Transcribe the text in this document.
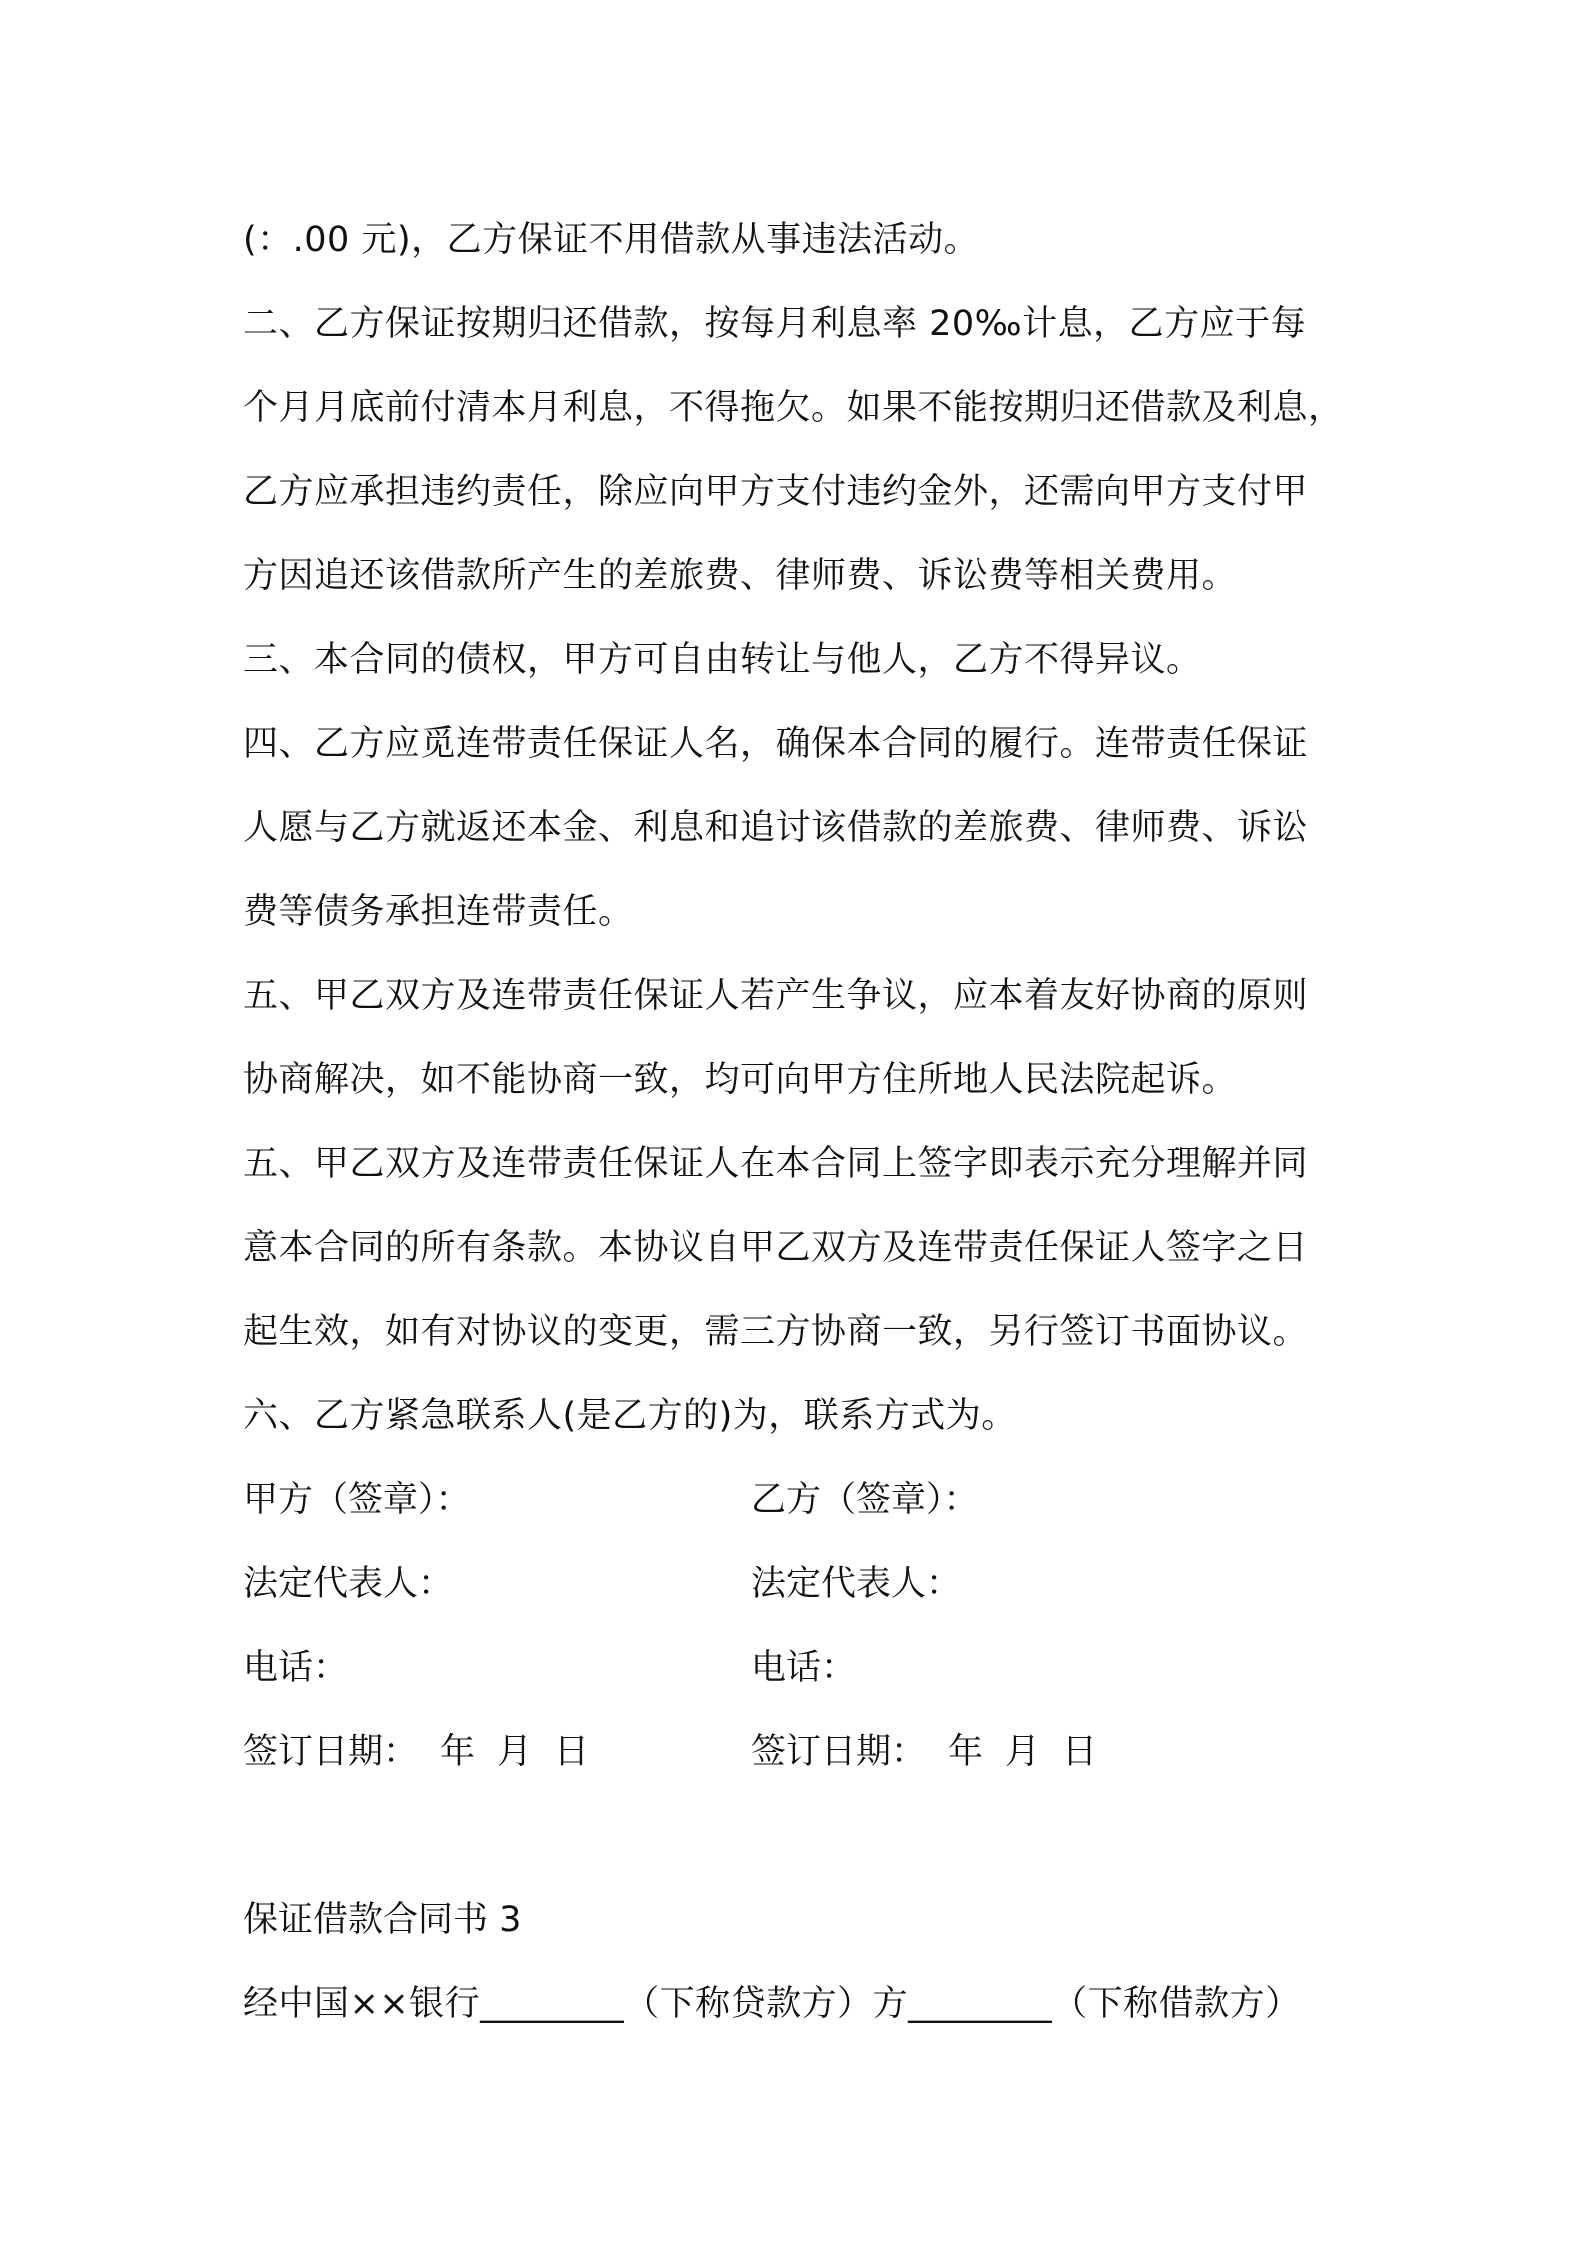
(：.00 元)，乙方保证不用借款从事违法活动。
二、乙方保证按期归还借款，按每月利息率 20‰计息，乙方应于每
个月月底前付清本月利息，不得拖欠。如果不能按期归还借款及利息，
乙方应承担违约责任，除应向甲方支付违约金外，还需向甲方支付甲
方因追还该借款所产生的差旅费、律师费、诉讼费等相关费用。
三、本合同的债权，甲方可自由转让与他人，乙方不得异议。
四、乙方应觅连带责任保证人名，确保本合同的履行。连带责任保证
人愿与乙方就返还本金、利息和追讨该借款的差旅费、律师费、诉讼
费等债务承担连带责任。
五、甲乙双方及连带责任保证人若产生争议，应本着友好协商的原则
协商解决，如不能协商一致，均可向甲方住所地人民法院起诉。
五、甲乙双方及连带责任保证人在本合同上签字即表示充分理解并同
意本合同的所有条款。本协议自甲乙双方及连带责任保证人签字之日
起生效，如有对协议的变更，需三方协商一致，另行签订书面协议。
六、乙方紧急联系人(是乙方的)为，联系方式为。
甲方（签章）：	乙方（签章）：
法定代表人：	法定代表人：
电话：	电话：
签订日期： 年 月 日	签订日期： 年 月 日
保证借款合同书 3
经中国××银行________（下称贷款方）方________（下称借款方）
